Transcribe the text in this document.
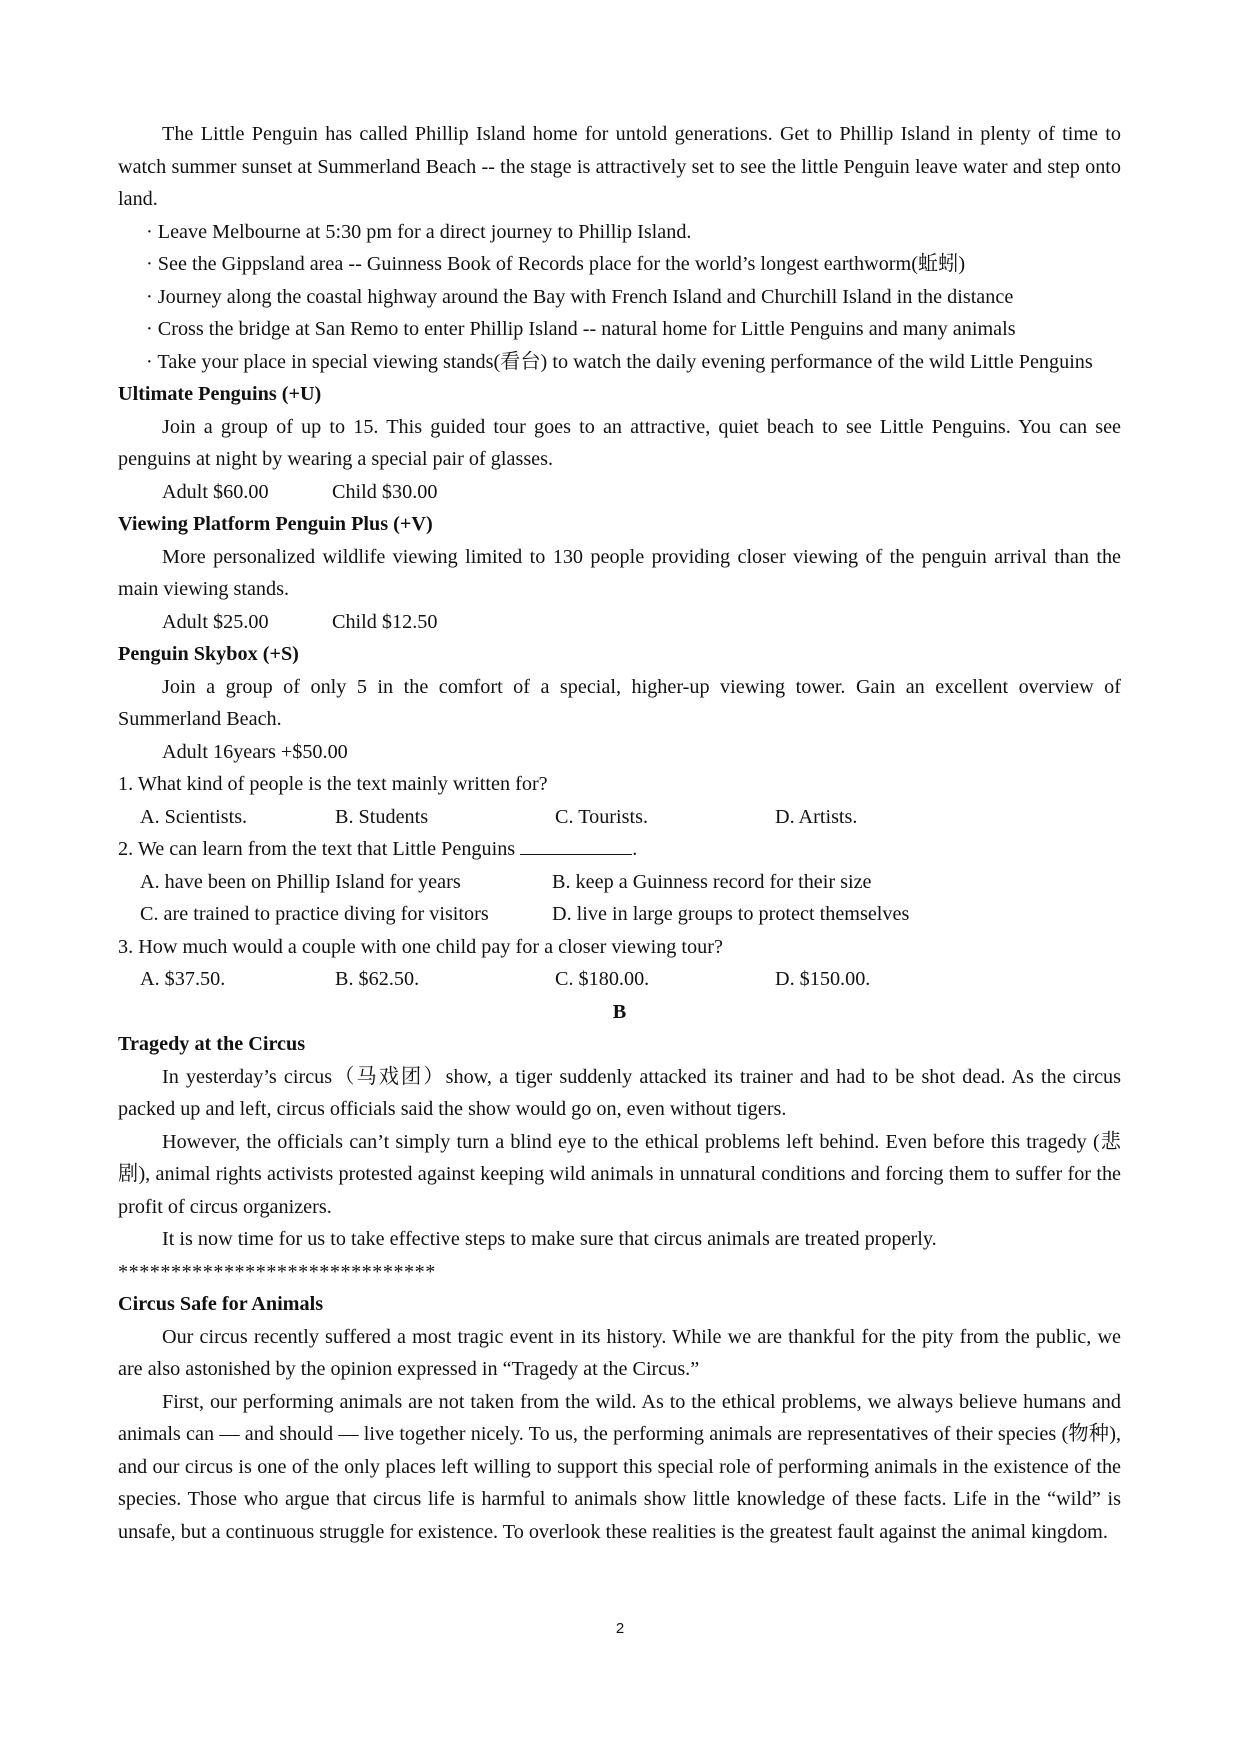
The Little Penguin has called Phillip Island home for untold generations. Get to Phillip Island in plenty of time to watch summer sunset at Summerland Beach -- the stage is attractively set to see the little Penguin leave water and step onto land.

· Leave Melbourne at 5:30 pm for a direct journey to Phillip Island.

· See the Gippsland area -- Guinness Book of Records place for the world’s longest earthworm(蚯蚓)

· Journey along the coastal highway around the Bay with French Island and Churchill Island in the distance

· Cross the bridge at San Remo to enter Phillip Island -- natural home for Little Penguins and many animals

· Take your place in special viewing stands(看台) to watch the daily evening performance of the wild Little Penguins

Ultimate Penguins (+U)

Join a group of up to 15. This guided tour goes to an attractive, quiet beach to see Little Penguins. You can see penguins at night by wearing a special pair of glasses.

Adult $60.00	Child $30.00

Viewing Platform Penguin Plus (+V)

More personalized wildlife viewing limited to 130 people providing closer viewing of the penguin arrival than the main viewing stands.

Adult $25.00	Child $12.50

Penguin Skybox (+S)

Join a group of only 5 in the comfort of a special, higher-up viewing tower. Gain an excellent overview of Summerland Beach.

Adult 16years +$50.00

1. What kind of people is the text mainly written for?

A. Scientists.	B. Students	C. Tourists.	D. Artists.

2. We can learn from the text that Little Penguins	.

A. have been on Phillip Island for years	B. keep a Guinness record for their size

C. are trained to practice diving for visitors	D. live in large groups to protect themselves

3. How much would a couple with one child pay for a closer viewing tour?

A. $37.50.	B. $62.50.	C. $180.00.	D. $150.00.

B

Tragedy at the Circus

In yesterday’s circus（马戏团）show, a tiger suddenly attacked its trainer and had to be shot dead. As the circus packed up and left, circus officials said the show would go on, even without tigers.

However, the officials can’t simply turn a blind eye to the ethical problems left behind. Even before this tragedy (悲剧), animal rights activists protested against keeping wild animals in unnatural conditions and forcing them to suffer for the profit of circus organizers.

It is now time for us to take effective steps to make sure that circus animals are treated properly.

******************************

Circus Safe for Animals

Our circus recently suffered a most tragic event in its history. While we are thankful for the pity from the public, we are also astonished by the opinion expressed in “Tragedy at the Circus.”

First, our performing animals are not taken from the wild. As to the ethical problems, we always believe humans and animals can — and should — live together nicely. To us, the performing animals are representatives of their species (物种), and our circus is one of the only places left willing to support this special role of performing animals in the existence of the species. Those who argue that circus life is harmful to animals show little knowledge of these facts. Life in the “wild” is unsafe, but a continuous struggle for existence. To overlook these realities is the greatest fault against the animal kingdom.

2
